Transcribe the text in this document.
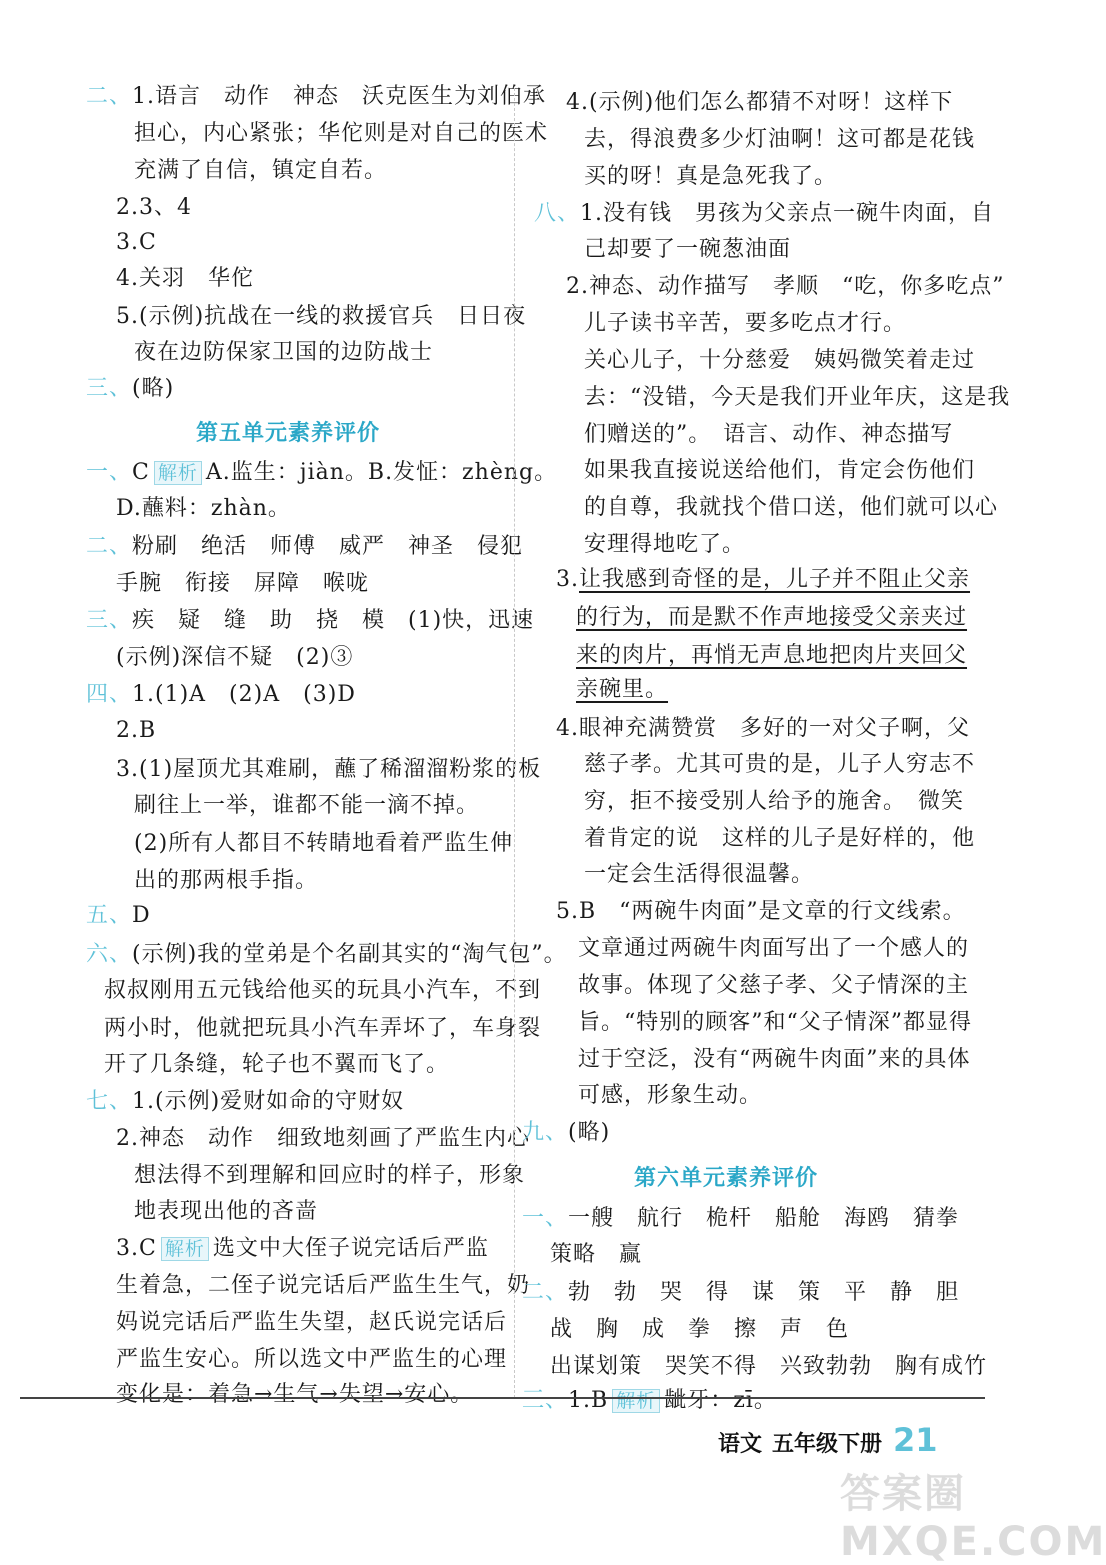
二、1.语言　动作　神态　沃克医生为刘伯承
担心，内心紧张；华佗则是对自己的医术
充满了自信，镇定自若。
2.3、4
3.C
4.关羽　华佗
5.(示例)抗战在一线的救援官兵　日日夜
夜在边防保家卫国的边防战士
三、(略)
第五单元素养评价
一、C 解析 A.监生：jiàn。B.发怔：zhèng。
D.蘸料：zhàn。
二、粉刷　绝活　师傅　威严　神圣　侵犯
手腕　衔接　屏障　喉咙
三、疾　疑　缝　助　挠　模　(1)快，迅速
(示例)深信不疑　(2)③
四、1.(1)A　(2)A　(3)D
2.B
3.(1)屋顶尤其难刷，蘸了稀溜溜粉浆的板
刷往上一举，谁都不能一滴不掉。
(2)所有人都目不转睛地看着严监生伸
出的那两根手指。
五、D
六、(示例)我的堂弟是个名副其实的“淘气包”。
叔叔刚用五元钱给他买的玩具小汽车，不到
两小时，他就把玩具小汽车弄坏了，车身裂
开了几条缝，轮子也不翼而飞了。
七、1.(示例)爱财如命的守财奴
2.神态　动作　细致地刻画了严监生内心
想法得不到理解和回应时的样子，形象
地表现出他的吝啬
3.C 解析 选文中大侄子说完话后严监
生着急，二侄子说完话后严监生生气，奶
妈说完话后严监生失望，赵氏说完话后
严监生安心。所以选文中严监生的心理
变化是：着急→生气→失望→安心。
4.(示例)他们怎么都猜不对呀！这样下
去，得浪费多少灯油啊！这可都是花钱
买的呀！真是急死我了。
八、1.没有钱　男孩为父亲点一碗牛肉面，自
己却要了一碗葱油面
2.神态、动作描写　孝顺　“吃，你多吃点”
儿子读书辛苦，要多吃点才行。
关心儿子，十分慈爱　姨妈微笑着走过
去：“没错，今天是我们开业年庆，这是我
们赠送的”。　语言、动作、神态描写
如果我直接说送给他们，肯定会伤他们
的自尊，我就找个借口送，他们就可以心
安理得地吃了。
3.让我感到奇怪的是，儿子并不阻止父亲
的行为，而是默不作声地接受父亲夹过
来的肉片，再悄无声息地把肉片夹回父
亲碗里。
4.眼神充满赞赏　多好的一对父子啊，父
慈子孝。尤其可贵的是，儿子人穷志不
穷，拒不接受别人给予的施舍。　微笑
着肯定的说　这样的儿子是好样的，他
一定会生活得很温馨。
5.B　“两碗牛肉面”是文章的行文线索。
文章通过两碗牛肉面写出了一个感人的
故事。体现了父慈子孝、父子情深的主
旨。“特别的顾客”和“父子情深”都显得
过于空泛，没有“两碗牛肉面”来的具体
可感，形象生动。
九、(略)
第六单元素养评价
一、一艘　航行　桅杆　船舱　海鸥　猜拳
策略　赢
二、勃　勃　哭　得　谋　策　平　静　胆
战　胸　成　拳　擦　声　色
出谋划策　哭笑不得　兴致勃勃　胸有成竹
三、1.B 解析 龇牙：zī。
语文 五年级下册 21
答案圈 MXQE.COM
